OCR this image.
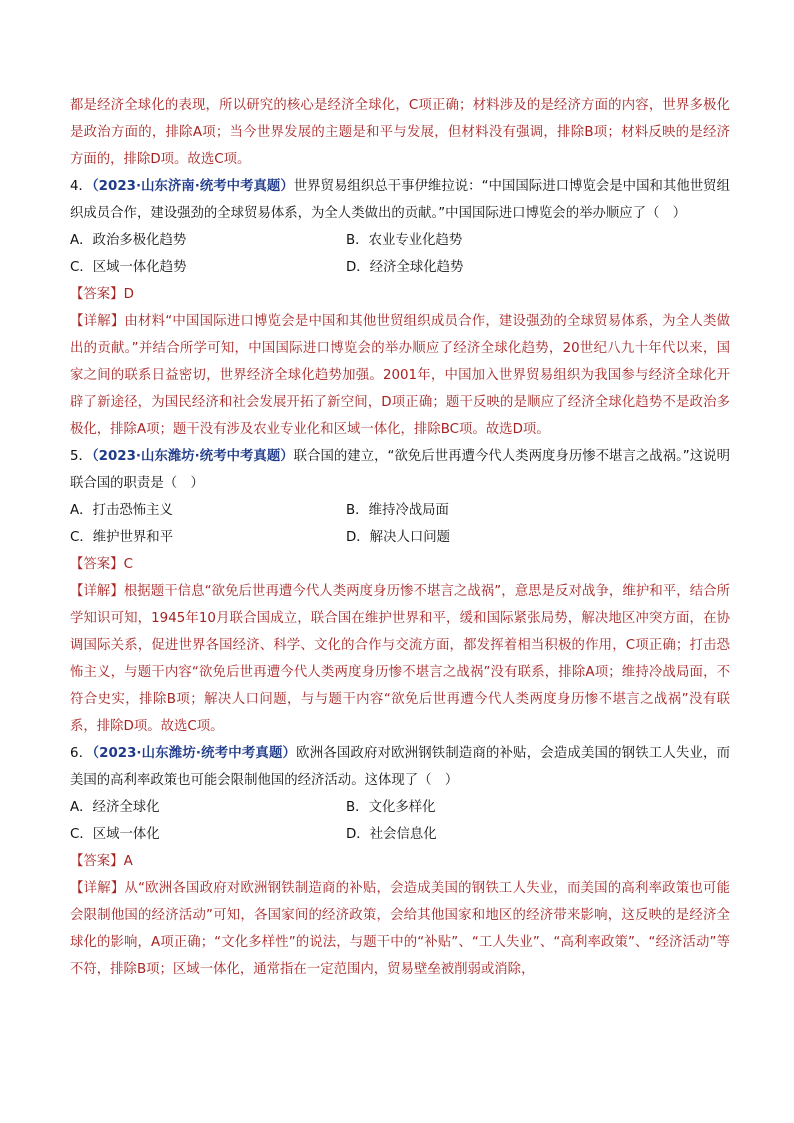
都是经济全球化的表现，所以研究的核心是经济全球化，C项正确；材料涉及的是经济方面的内容，世界多极化是政治方面的，排除A项；当今世界发展的主题是和平与发展，但材料没有强调，排除B项；材料反映的是经济方面的，排除D项。故选C项。

4．（2023·山东济南·统考中考真题）世界贸易组织总干事伊维拉说：“中国国际进口博览会是中国和其他世贸组织成员合作，建设强劲的全球贸易体系，为全人类做出的贡献。”中国国际进口博览会的举办顺应了（　）

A．政治多极化趋势	B．农业专业化趋势
C．区域一体化趋势	D．经济全球化趋势

【答案】D

【详解】由材料“中国国际进口博览会是中国和其他世贸组织成员合作，建设强劲的全球贸易体系，为全人类做出的贡献。”并结合所学可知，中国国际进口博览会的举办顺应了经济全球化趋势，20世纪八九十年代以来，国家之间的联系日益密切，世界经济全球化趋势加强。2001年，中国加入世界贸易组织为我国参与经济全球化开辟了新途径，为国民经济和社会发展开拓了新空间，D项正确；题干反映的是顺应了经济全球化趋势不是政治多极化，排除A项；题干没有涉及农业专业化和区域一体化，排除BC项。故选D项。

5．（2023·山东潍坊·统考中考真题）联合国的建立，“欲免后世再遭今代人类两度身历惨不堪言之战祸。”这说明联合国的职责是（　）

A．打击恐怖主义	B．维持冷战局面
C．维护世界和平	D．解决人口问题

【答案】C

【详解】根据题干信息“欲免后世再遭今代人类两度身历惨不堪言之战祸”，意思是反对战争，维护和平，结合所学知识可知，1945年10月联合国成立，联合国在维护世界和平，缓和国际紧张局势，解决地区冲突方面，在协调国际关系，促进世界各国经济、科学、文化的合作与交流方面，都发挥着相当积极的作用，C项正确；打击恐怖主义，与题干内容“欲免后世再遭今代人类两度身历惨不堪言之战祸”没有联系，排除A项；维持冷战局面，不符合史实，排除B项；解决人口问题，与与题干内容“欲免后世再遭今代人类两度身历惨不堪言之战祸”没有联系，排除D项。故选C项。

6．（2023·山东潍坊·统考中考真题）欧洲各国政府对欧洲钢铁制造商的补贴，会造成美国的钢铁工人失业，而美国的高利率政策也可能会限制他国的经济活动。这体现了（　）

A．经济全球化	B．文化多样化
C．区域一体化	D．社会信息化

【答案】A

【详解】从“欧洲各国政府对欧洲钢铁制造商的补贴，会造成美国的钢铁工人失业，而美国的高利率政策也可能会限制他国的经济活动”可知，各国家间的经济政策，会给其他国家和地区的经济带来影响，这反映的是经济全球化的影响，A项正确；“文化多样性”的说法，与题干中的“补贴”、“工人失业”、“高利率政策”、“经济活动”等不符，排除B项；区域一体化，通常指在一定范围内，贸易壁垒被削弱或消除，
